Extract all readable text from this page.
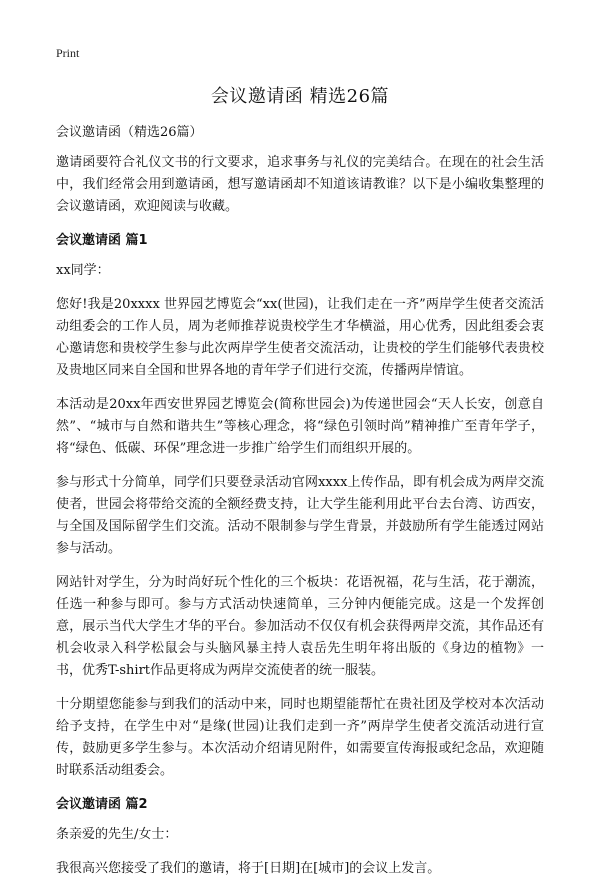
Print
会议邀请函 精选26篇

会议邀请函（精选26篇）

邀请函要符合礼仪文书的行文要求，追求事务与礼仪的完美结合。在现在的社会生活中，我们经常会用到邀请函，想写邀请函却不知道该请教谁？以下是小编收集整理的会议邀请函，欢迎阅读与收藏。

会议邀请函 篇1

xx同学：

您好!我是20xxxx 世界园艺博览会“xx(世园)，让我们走在一齐”两岸学生使者交流活动组委会的工作人员，周为老师推荐说贵校学生才华横溢，用心优秀，因此组委会衷心邀请您和贵校学生参与此次两岸学生使者交流活动，让贵校的学生们能够代表贵校及贵地区同来自全国和世界各地的青年学子们进行交流，传播两岸情谊。

本活动是20xx年西安世界园艺博览会(简称世园会)为传递世园会“天人长安，创意自然”、“城市与自然和谐共生”等核心理念，将“绿色引领时尚”精神推广至青年学子，将“绿色、低碳、环保”理念进一步推广给学生们而组织开展的。

参与形式十分简单，同学们只要登录活动官网xxxx上传作品，即有机会成为两岸交流使者，世园会将带给交流的全额经费支持，让大学生能利用此平台去台湾、访西安，与全国及国际留学生们交流。活动不限制参与学生背景，并鼓励所有学生能透过网站参与活动。

网站针对学生，分为时尚好玩个性化的三个板块：花语祝福，花与生活，花于潮流，任选一种参与即可。参与方式活动快速简单，三分钟内便能完成。这是一个发挥创意，展示当代大学生才华的平台。参加活动不仅仅有机会获得两岸交流，其作品还有机会收录入科学松鼠会与头脑风暴主持人袁岳先生明年将出版的《身边的植物》一书，优秀T-shirt作品更将成为两岸交流使者的统一服装。

十分期望您能参与到我们的活动中来，同时也期望能帮忙在贵社团及学校对本次活动给予支持，在学生中对“是缘(世园)让我们走到一齐”两岸学生使者交流活动进行宣传，鼓励更多学生参与。本次活动介绍请见附件，如需要宣传海报或纪念品，欢迎随时联系活动组委会。

会议邀请函 篇2

条亲爱的先生/女士：

我很高兴您接受了我们的邀请，将于[日期]在[城市]的会议上发言。
